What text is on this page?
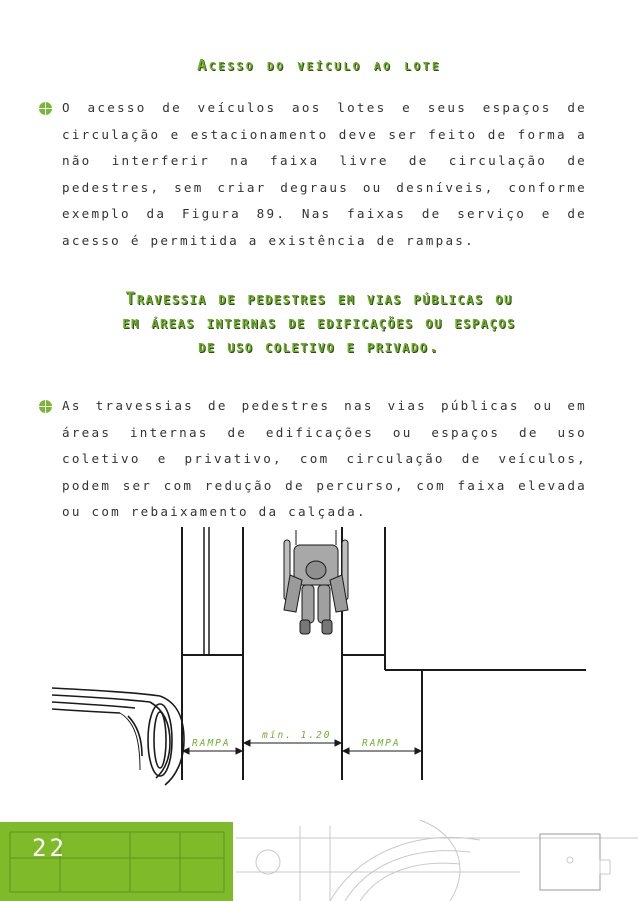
Acesso do veículo ao lote
O acesso de veículos aos lotes e seus espaços de circulação e estacionamento deve ser feito de forma a não interferir na faixa livre de circulação de pedestres, sem criar degraus ou desníveis, conforme exemplo da Figura 89. Nas faixas de serviço e de acesso é permitida a existência de rampas.
Travessia de pedestres em vias públicas ou
em áreas internas de edificações ou espaços
de uso coletivo e privado.
As travessias de pedestres nas vias públicas ou em áreas internas de edificações ou espaços de uso coletivo e privativo, com circulação de veículos, podem ser com redução de percurso, com faixa elevada ou com rebaixamento da calçada.
RAMPA
mín. 1.20
RAMPA
22
